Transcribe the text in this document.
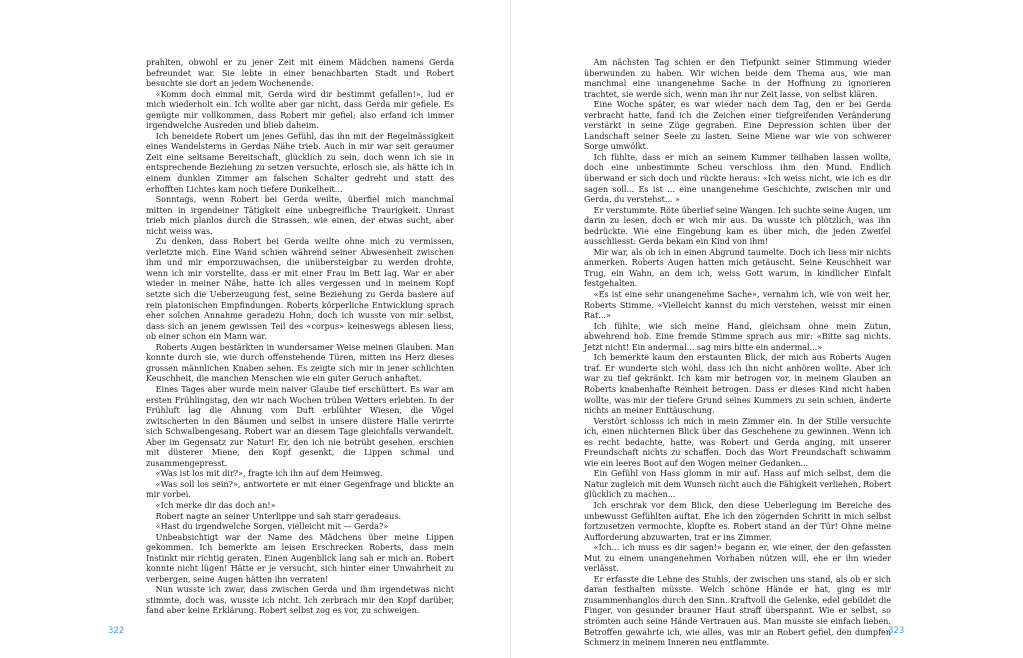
prahlten, obwohl er zu jener Zeit mit einem Mädchen namens Gerda befreundet war. Sie lebte in einer benachbarten Stadt und Robert besuchte sie dort an jedem Wochenende.

«Komm doch einmal mit, Gerda wird dir bestimmt gefallen!», lud er mich wiederholt ein. Ich wollte aber gar nicht, dass Gerda mir gefiele. Es genügte mir vollkommen, dass Robert mir gefiel; also erfand ich immer irgendwelche Ausreden und blieb daheim.

Ich beneidete Robert um jenes Gefühl, das ihn mit der Regelmässigkeit eines Wandelsterns in Gerdas Nähe trieb. Auch in mir war seit geraumer Zeit eine seltsame Bereitschaft, glücklich zu sein, doch wenn ich sie in entsprechende Beziehung zu setzen versuchte, erlosch sie, als hätte ich in einem dunklen Zimmer am falschen Schalter gedreht und statt des erhofften Lichtes kam noch tiefere Dunkelheit...

Sonntags, wenn Robert bei Gerda weilte, überfiel mich manchmal mitten in irgendeiner Tätigkeit eine unbegreifliche Traurigkeit. Unrast trieb mich planlos durch die Strassen, wie einen, der etwas sucht, aber nicht weiss was.

Zu denken, dass Robert bei Gerda weilte ohne mich zu vermissen, verletzte mich. Eine Wand schien während seiner Abwesenheit zwischen ihm und mir emporzuwachsen, die unübersteigbar zu werden drohte, wenn ich mir vorstellte, dass er mit einer Frau im Bett lag. War er aber wieder in meiner Nähe, hatte ich alles vergessen und in meinem Kopf setzte sich die Ueberzeugung fest, seine Beziehung zu Gerda basiere auf rein platonischen Empfindungen. Roberts körperliche Entwicklung sprach eher solchen Annahme geradezu Hohn, doch ich wusste von mir selbst, dass sich an jenem gewissen Teil des «corpus» keineswegs ablesen liess, ob einer schon ein Mann war.

Roberts Augen bestärkten in wundersamer Weise meinen Glauben. Man konnte durch sie, wie durch offenstehende Türen, mitten ins Herz dieses grossen männlichen Knaben sehen. Es zeigte sich mir in jener schlichten Keuschheit, die manchen Menschen wie ein guter Geruch anhaftet.

Eines Tages aber wurde mein naiver Glaube tief erschüttert. Es war am ersten Frühlingstag, den wir nach Wochen trüben Wetters erlebten. In der Frühluft lag die Ahnung vom Duft erblühter Wiesen, die Vögel zwitscherten in den Bäumen und selbst in unsere düstere Halle verirrte sich Schwalbengesang. Robert war an diesem Tage gleichfalls verwandelt. Aber im Gegensatz zur Natur! Er, den ich nie betrübt gesehen, erschien mit düsterer Miene, den Kopf gesenkt, die Lippen schmal und zusammengepresst.

«Was ist los mit dir?», fragte ich ihn auf dem Heimweg.

«Was soll los sein?», antwortete er mit einer Gegenfrage und blickte an mir vorbei.

«Ich merke dir das doch an!»

Robert nagte an seiner Unterlippe und sah starr geradeaus.

«Hast du irgendwelche Sorgen, vielleicht mit — Gerda?»

Unbeabsichtigt war der Name des Mädchens über meine Lippen gekommen. Ich bemerkte am leisen Erschrecken Roberts, dass mein Instinkt mir richtig geraten. Einen Augenblick lang sah er mich an. Robert konnte nicht lügen! Hätte er je versucht, sich hinter einer Unwahrheit zu verbergen, seine Augen hätten ihn verraten!

Nun wusste ich zwar, dass zwischen Gerda und ihm irgendetwas nicht stimmte, doch was, wusste ich nicht. Ich zerbrach mir den Kopf darüber, fand aber keine Erklärung. Robert selbst zog es vor, zu schweigen.

322

Am nächsten Tag schien er den Tiefpunkt seiner Stimmung wieder überwunden zu haben. Wir wichen beide dem Thema aus, wie man manchmal eine unangenehme Sache in der Hoffnung zu ignorieren trachtet, sie werde sich, wenn man ihr nur Zeit lasse, von selbst klären.

Eine Woche später, es war wieder nach dem Tag, den er bei Gerda verbracht hatte, fand ich die Zeichen einer tiefgreifenden Veränderung verstärkt in seine Züge gegraben. Eine Depression schien über der Landschaft seiner Seele zu lasten. Seine Miene war wie von schwerer Sorge umwölkt.

Ich fühlte, dass er mich an seinem Kummer teilhaben lassen wollte, doch eine unbestimmte Scheu verschloss ihm den Mund. Endlich überwand er sich doch und rückte heraus: «Ich weiss nicht, wie ich es dir sagen soll... Es ist ... eine unangenehme Geschichte, zwischen mir und Gerda, du verstehst... »

Er verstummte. Röte überlief seine Wangen. Ich suchte seine Augen, um darin zu lesen, doch er wich mir aus. Da wusste ich plötzlich, was ihn bedrückte. Wie eine Eingebung kam es über mich, die jeden Zweifel ausschliesst: Gerda bekam ein Kind von ihm!

Mir war, als ob ich in einen Abgrund taumelte. Doch ich liess mir nichts anmerken. Roberts Augen hatten mich getäuscht. Seine Keuschheit war Trug, ein Wahn, an dem ich, weiss Gott warum, in kindlicher Einfalt festgehalten.

«Es ist eine sehr unangenehme Sache», vernahm ich, wie von weit her, Roberts Stimme. «Vielleicht kannst du mich verstehen, weisst mir einen Rat...»

Ich fühlte, wie sich meine Hand, gleichsam ohne mein Zutun, abwehrend hob. Eine fremde Stimme sprach aus mir: «Bitte sag nichts. Jetzt nicht! Ein andermal... sag mirs bitte ein andermal...»

Ich bemerkte kaum den erstaunten Blick, der mich aus Roberts Augen traf. Er wunderte sich wohl, dass ich ihn nicht anhören wollte. Aber ich war zu tief gekränkt. Ich kam mir betrogen vor, in meinem Glauben an Roberts knabenhafte Reinheit betrogen. Dass er dieses Kind nicht haben wollte, was mir der tiefere Grund seines Kummers zu sein schien, änderte nichts an meiner Enttäuschung.

Verstört schlosss ich mich in mein Zimmer ein. In der Stille versuchte ich, einen nüchternen Blick über das Geschehene zu gewinnen. Wenn ich es recht bedachte, hatte, was Robert und Gerda anging, mit unserer Freundschaft nichts zu schaffen. Doch das Wort Freundschaft schwamm wie ein leeres Boot auf den Wogen meiner Gedanken...

Ein Gefühl von Hass glomm in mir auf. Hass auf mich selbst, dem die Natur zugleich mit dem Wunsch nicht auch die Fähigkeit verliehen, Robert glücklich zu machen...

Ich erschrak vor dem Blick, den diese Ueberlegung im Bereiche des unbewusst Gefühlten auftat. Ehe ich den zögernden Schritt in mich selbst fortzusetzen vermochte, klopfte es. Robert stand an der Tür! Ohne meine Aufforderung abzuwarten, trat er ins Zimmer.

«Ich... ich muss es dir sagen!» begann er, wie einer, der den gefassten Mut zu einem unangenehmen Vorhaben nützen will, ehe er ihn wieder verlässt.

Er erfasste die Lehne des Stuhls, der zwischen uns stand, als ob er sich daran festhalten müsste. Welch schöne Hände er hat, ging es mir zusammenhanglos durch den Sinn. Kraftvoll die Gelenke, edel gebildet die Finger, von gesunder brauner Haut straff überspannt. Wie er selbst, so strömten auch seine Hände Vertrauen aus. Man musste sie einfach lieben. Betroffen gewahrte ich, wie alles, was mir an Robert gefiel, den dumpfen Schmerz in meinem Inneren neu entflammte.

323
